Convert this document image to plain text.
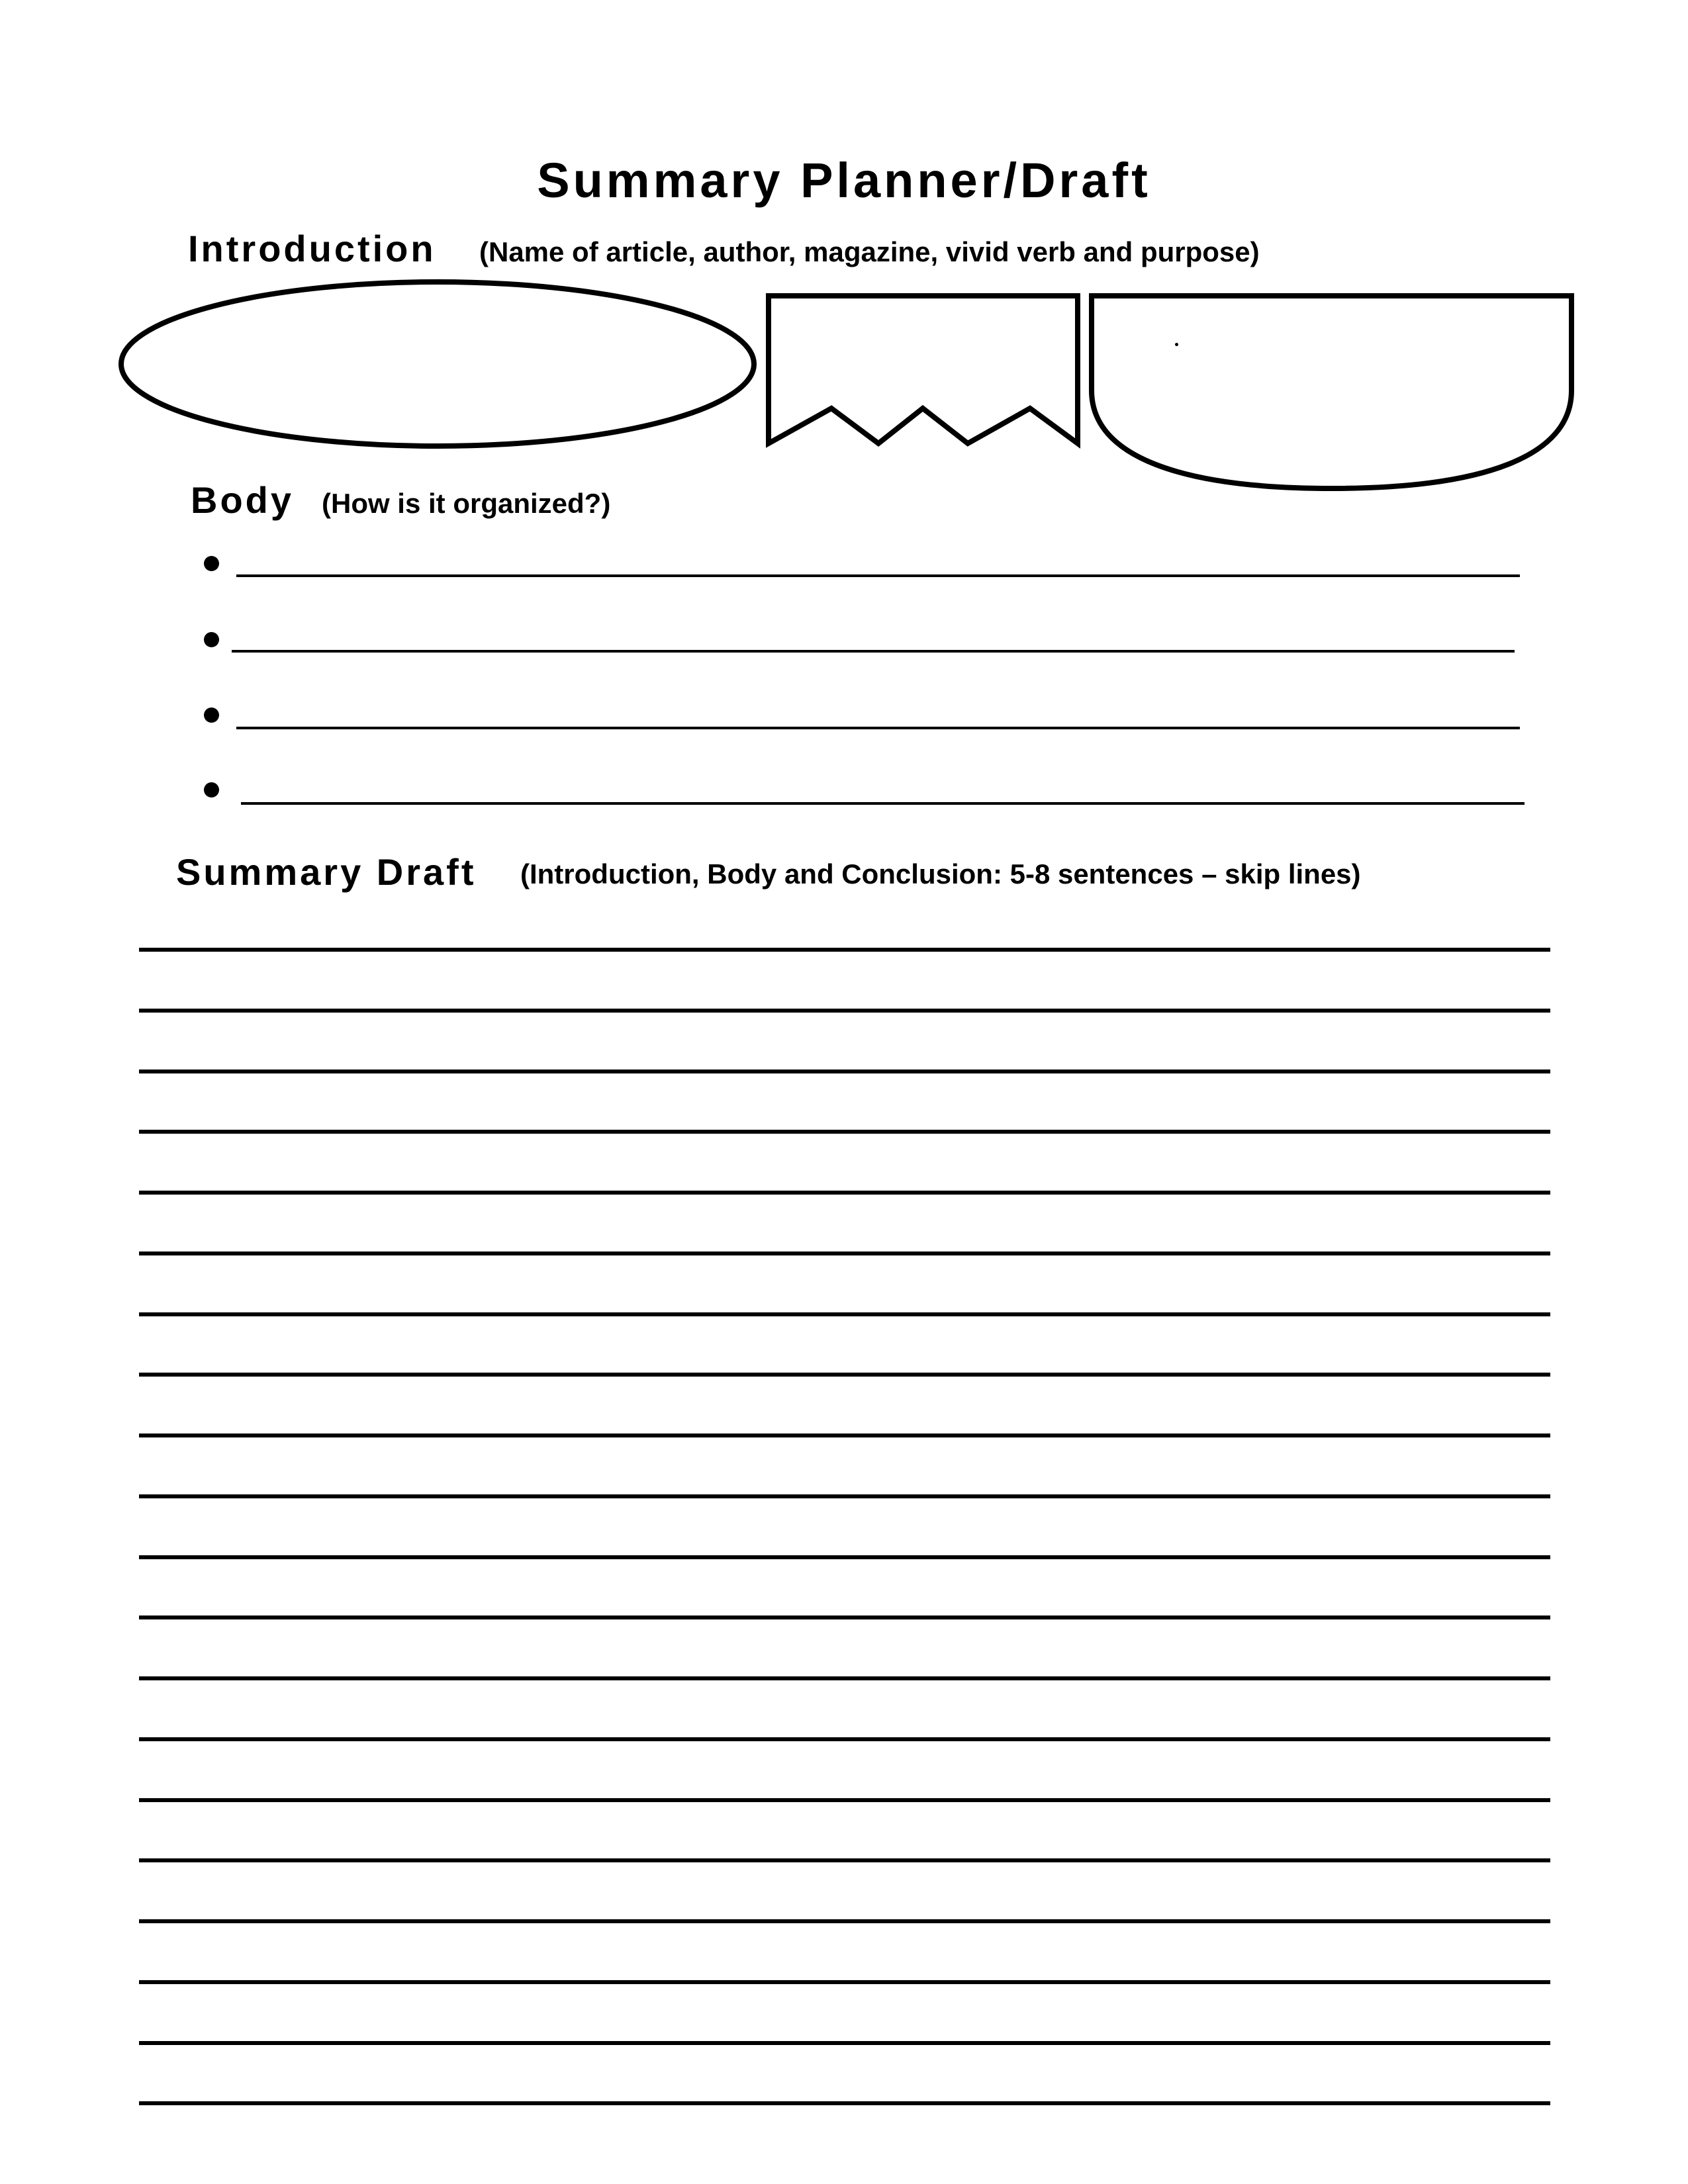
Summary Planner/Draft
Introduction (Name of article, author, magazine, vivid verb and purpose)
Body (How is it organized?)
Summary Draft (Introduction, Body and Conclusion: 5-8 sentences – skip lines)
